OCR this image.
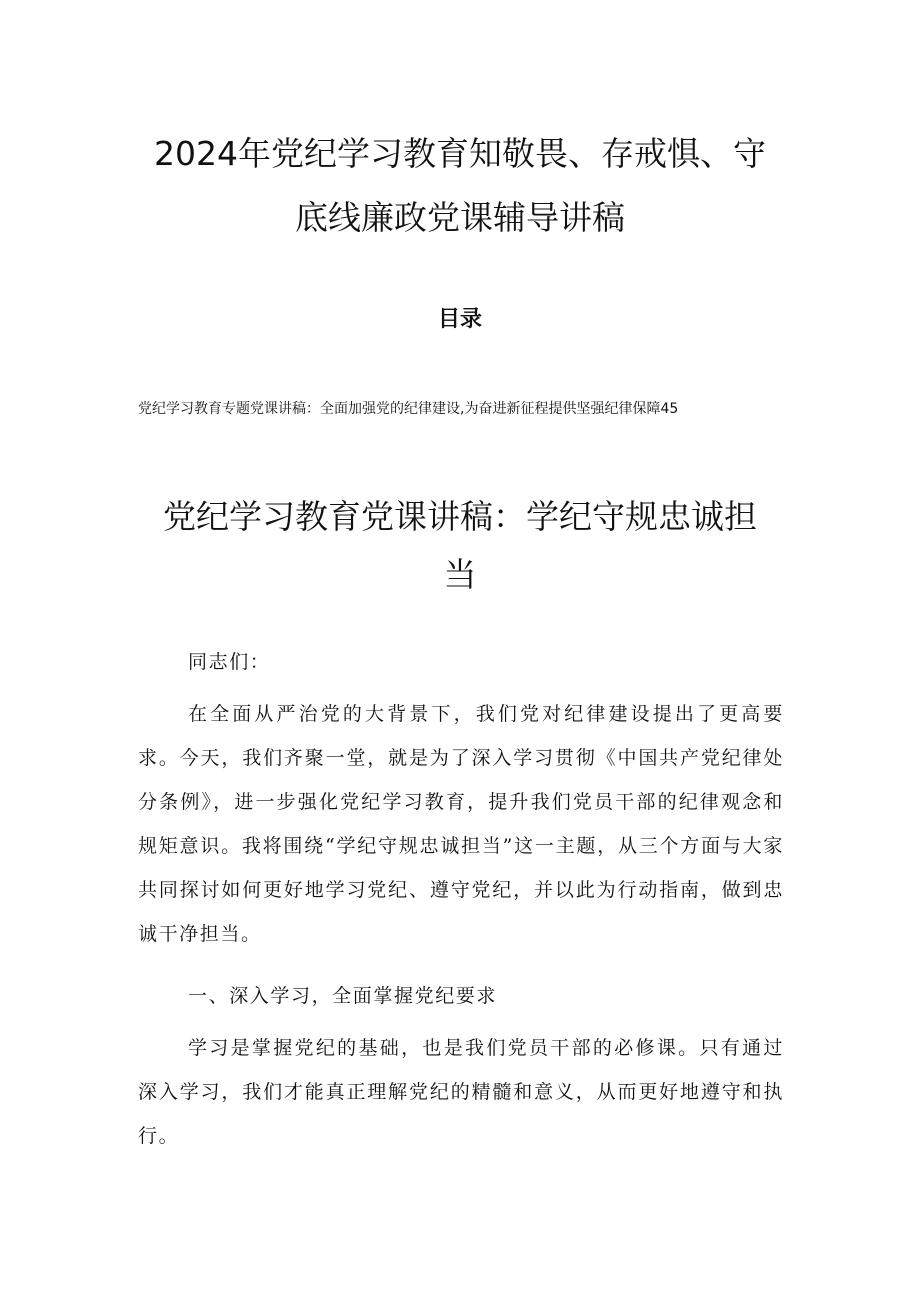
2024年党纪学习教育知敬畏、存戒惧、守
底线廉政党课辅导讲稿
目录

党纪学习教育专题党课讲稿：全面加强党的纪律建设,为奋进新征程提供坚强纪律保障45

党纪学习教育党课讲稿：学纪守规忠诚担
当

同志们：

在全面从严治党的大背景下，我们党对纪律建设提出了更高要求。今天，我们齐聚一堂，就是为了深入学习贯彻《中国共产党纪律处分条例》，进一步强化党纪学习教育，提升我们党员干部的纪律观念和规矩意识。我将围绕“学纪守规忠诚担当”这一主题，从三个方面与大家共同探讨如何更好地学习党纪、遵守党纪，并以此为行动指南，做到忠诚干净担当。

一、深入学习，全面掌握党纪要求

学习是掌握党纪的基础，也是我们党员干部的必修课。只有通过深入学习，我们才能真正理解党纪的精髓和意义，从而更好地遵守和执行。
